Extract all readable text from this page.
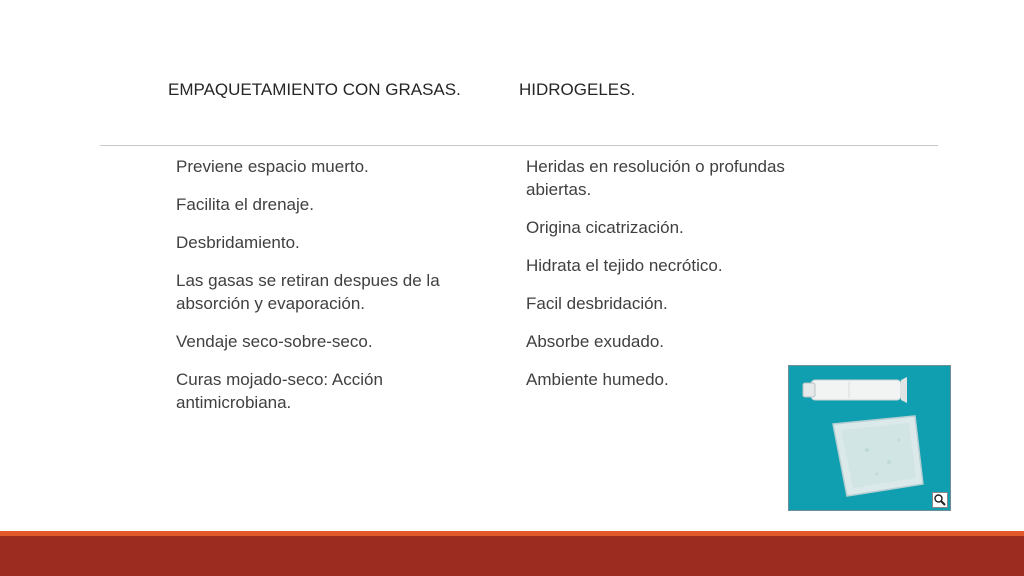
EMPAQUETAMIENTO CON GRASAS.	HIDROGELES.
Previene espacio muerto.
Facilita el drenaje.
Desbridamiento.
Las gasas se retiran despues de la absorción y evaporación.
Vendaje seco-sobre-seco.
Curas mojado-seco: Acción antimicrobiana.
Heridas en resolución o profundas abiertas.
Origina cicatrización.
Hidrata el tejido necrótico.
Facil desbridación.
Absorbe exudado.
Ambiente humedo.
